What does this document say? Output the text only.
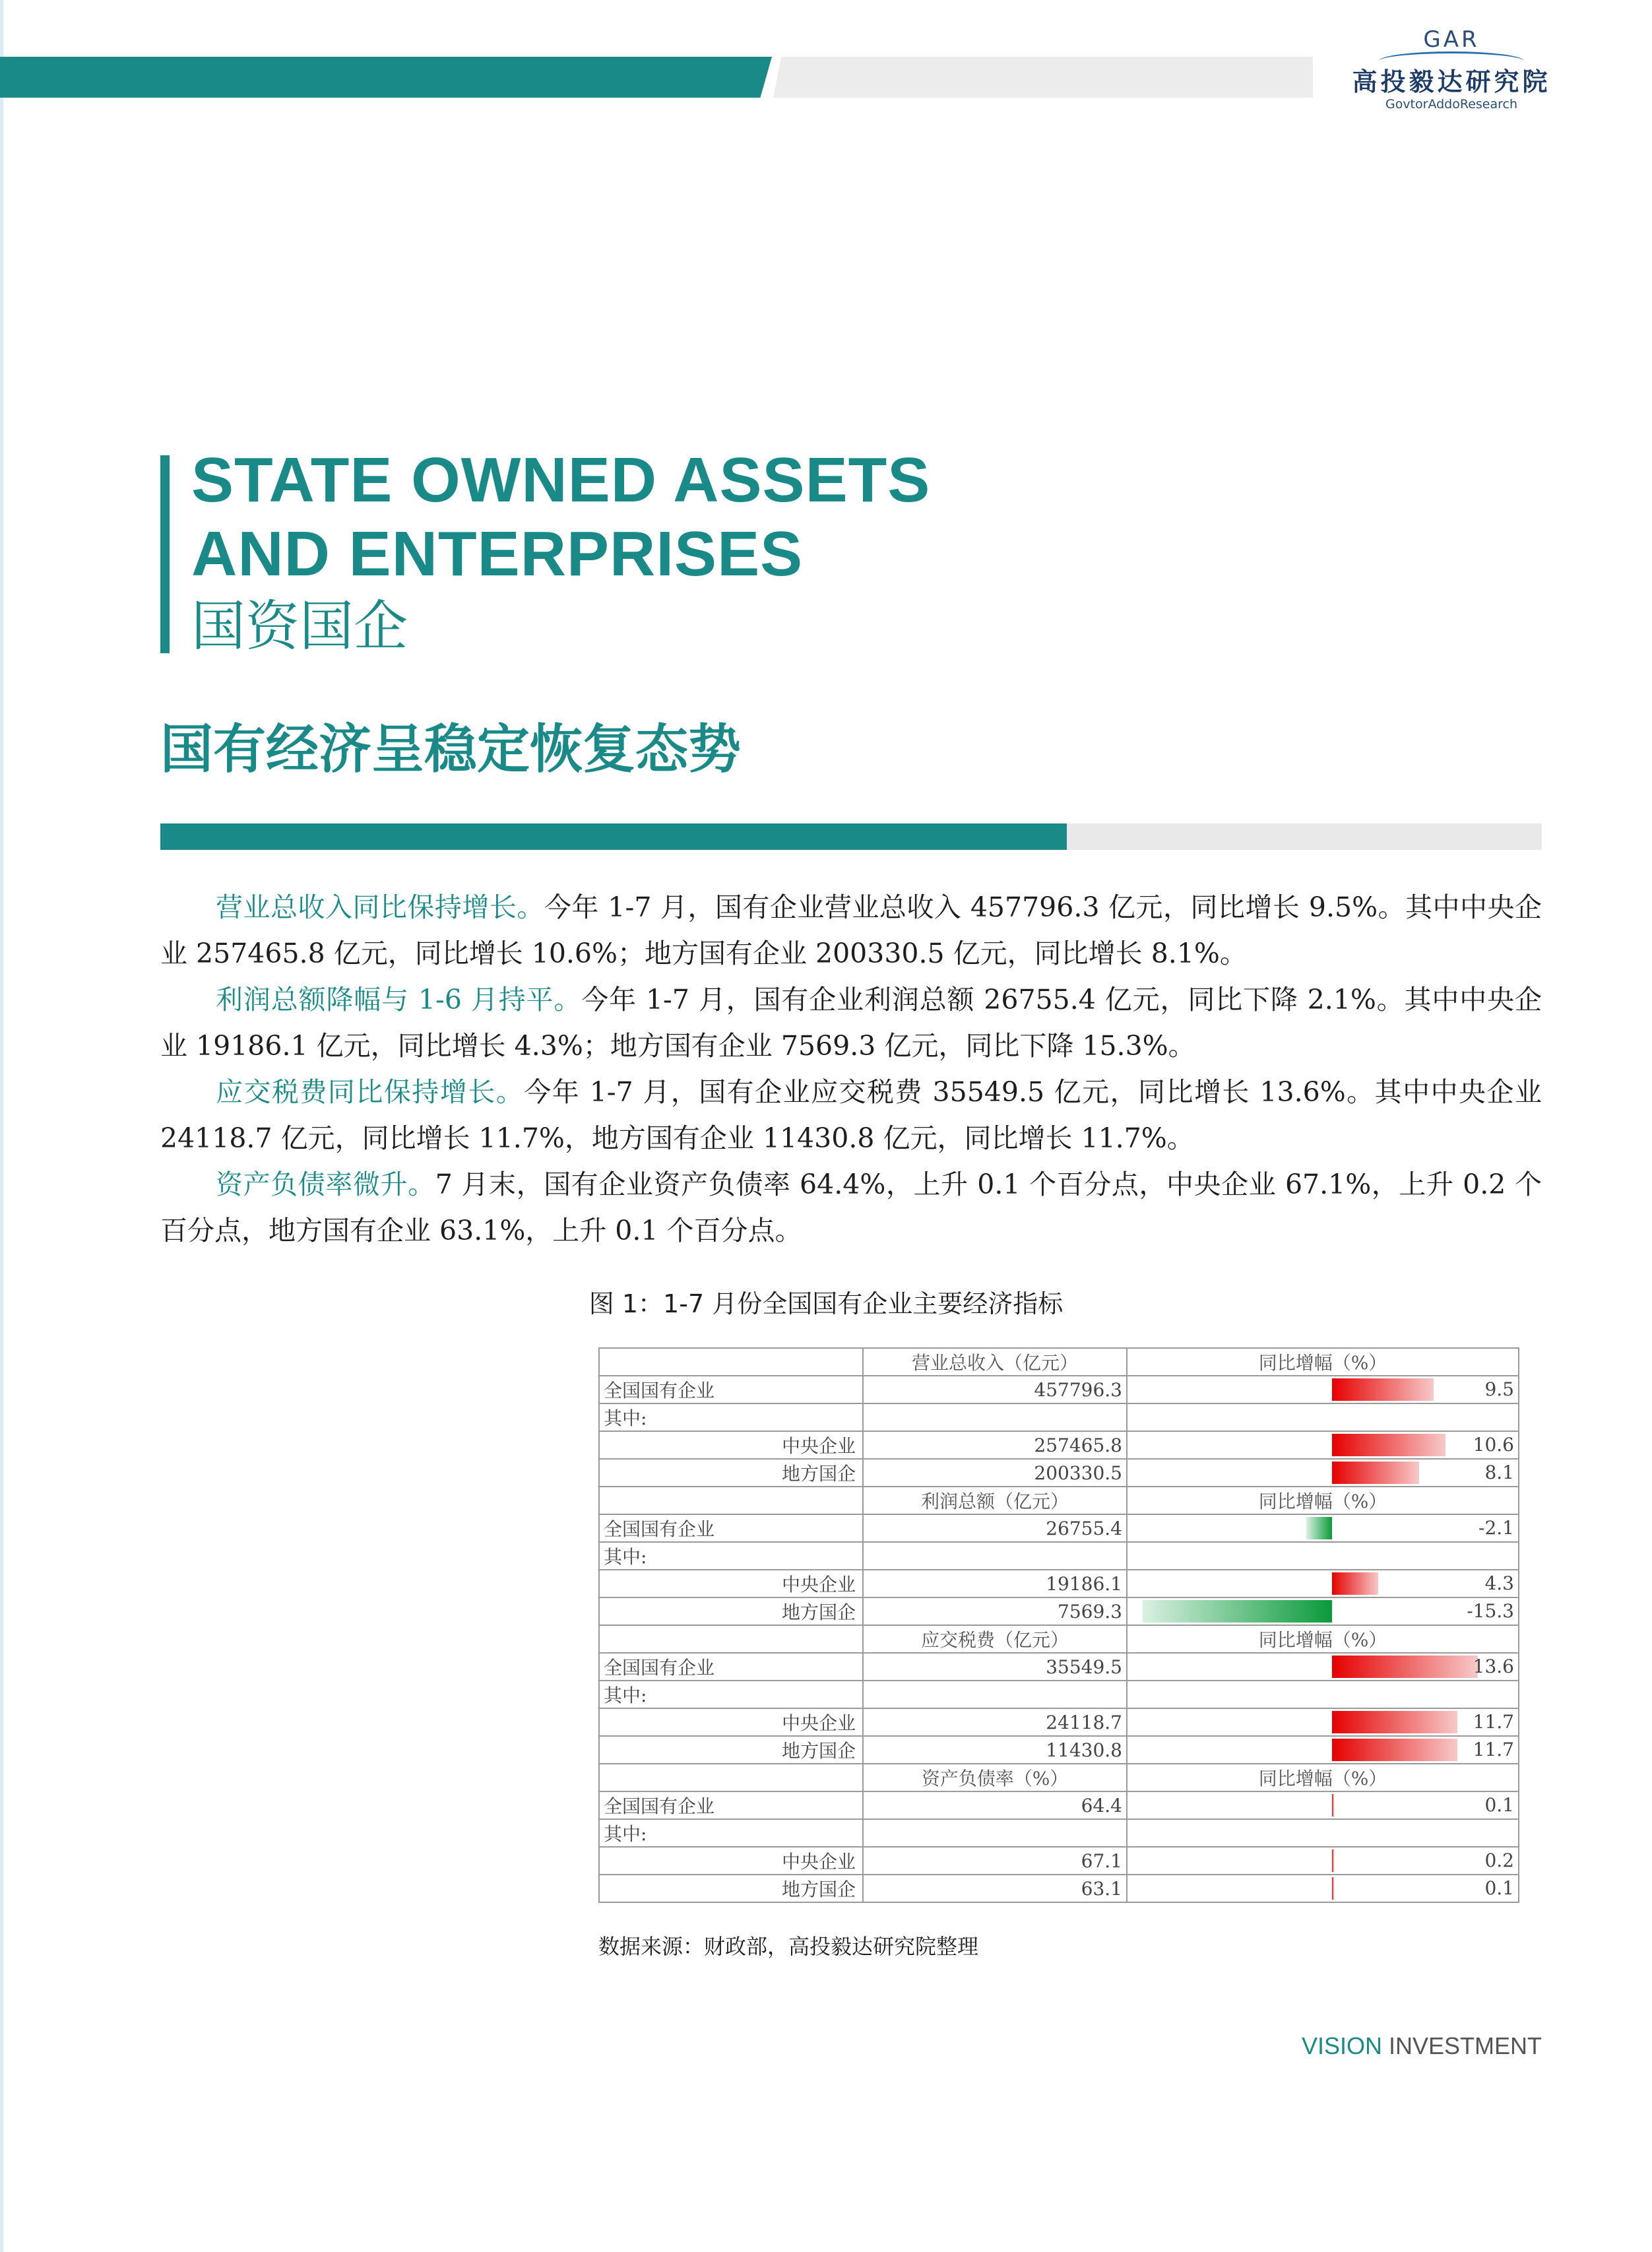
GAR
高投毅达研究院
GovtorAddoResearch
STATE OWNED ASSETS
AND ENTERPRISES
国资国企
国有经济呈稳定恢复态势

营业总收入同比保持增长。今年 1-7 月，国有企业营业总收入 457796.3 亿元，同比增长 9.5%。其中中央企业 257465.8 亿元，同比增长 10.6%；地方国有企业 200330.5 亿元，同比增长 8.1%。

利润总额降幅与 1-6 月持平。今年 1-7 月，国有企业利润总额 26755.4 亿元，同比下降 2.1%。其中中央企业 19186.1 亿元，同比增长 4.3%；地方国有企业 7569.3 亿元，同比下降 15.3%。

应交税费同比保持增长。今年 1-7 月，国有企业应交税费 35549.5 亿元，同比增长 13.6%。其中中央企业 24118.7 亿元，同比增长 11.7%，地方国有企业 11430.8 亿元，同比增长 11.7%。

资产负债率微升。7 月末，国有企业资产负债率 64.4%，上升 0.1 个百分点，中央企业 67.1%，上升 0.2 个百分点，地方国有企业 63.1%，上升 0.1 个百分点。

图 1：1-7 月份全国国有企业主要经济指标
	营业总收入（亿元）	同比增幅（%）
全国国有企业	457796.3	9.5

其中:		
中央企业	257465.8	10.6

地方国企	200330.5	8.1

	利润总额（亿元）	同比增幅（%）
全国国有企业	26755.4	-2.1

其中:		
中央企业	19186.1	4.3

地方国企	7569.3	-15.3

	应交税费（亿元）	同比增幅（%）
全国国有企业	35549.5	13.6

其中:		
中央企业	24118.7	11.7

地方国企	11430.8	11.7

	资产负债率（%）	同比增幅（%）
全国国有企业	64.4	0.1

其中:		
中央企业	67.1	0.2

地方国企	63.1	0.1
数据来源：财政部，高投毅达研究院整理
VISION INVESTMENT
